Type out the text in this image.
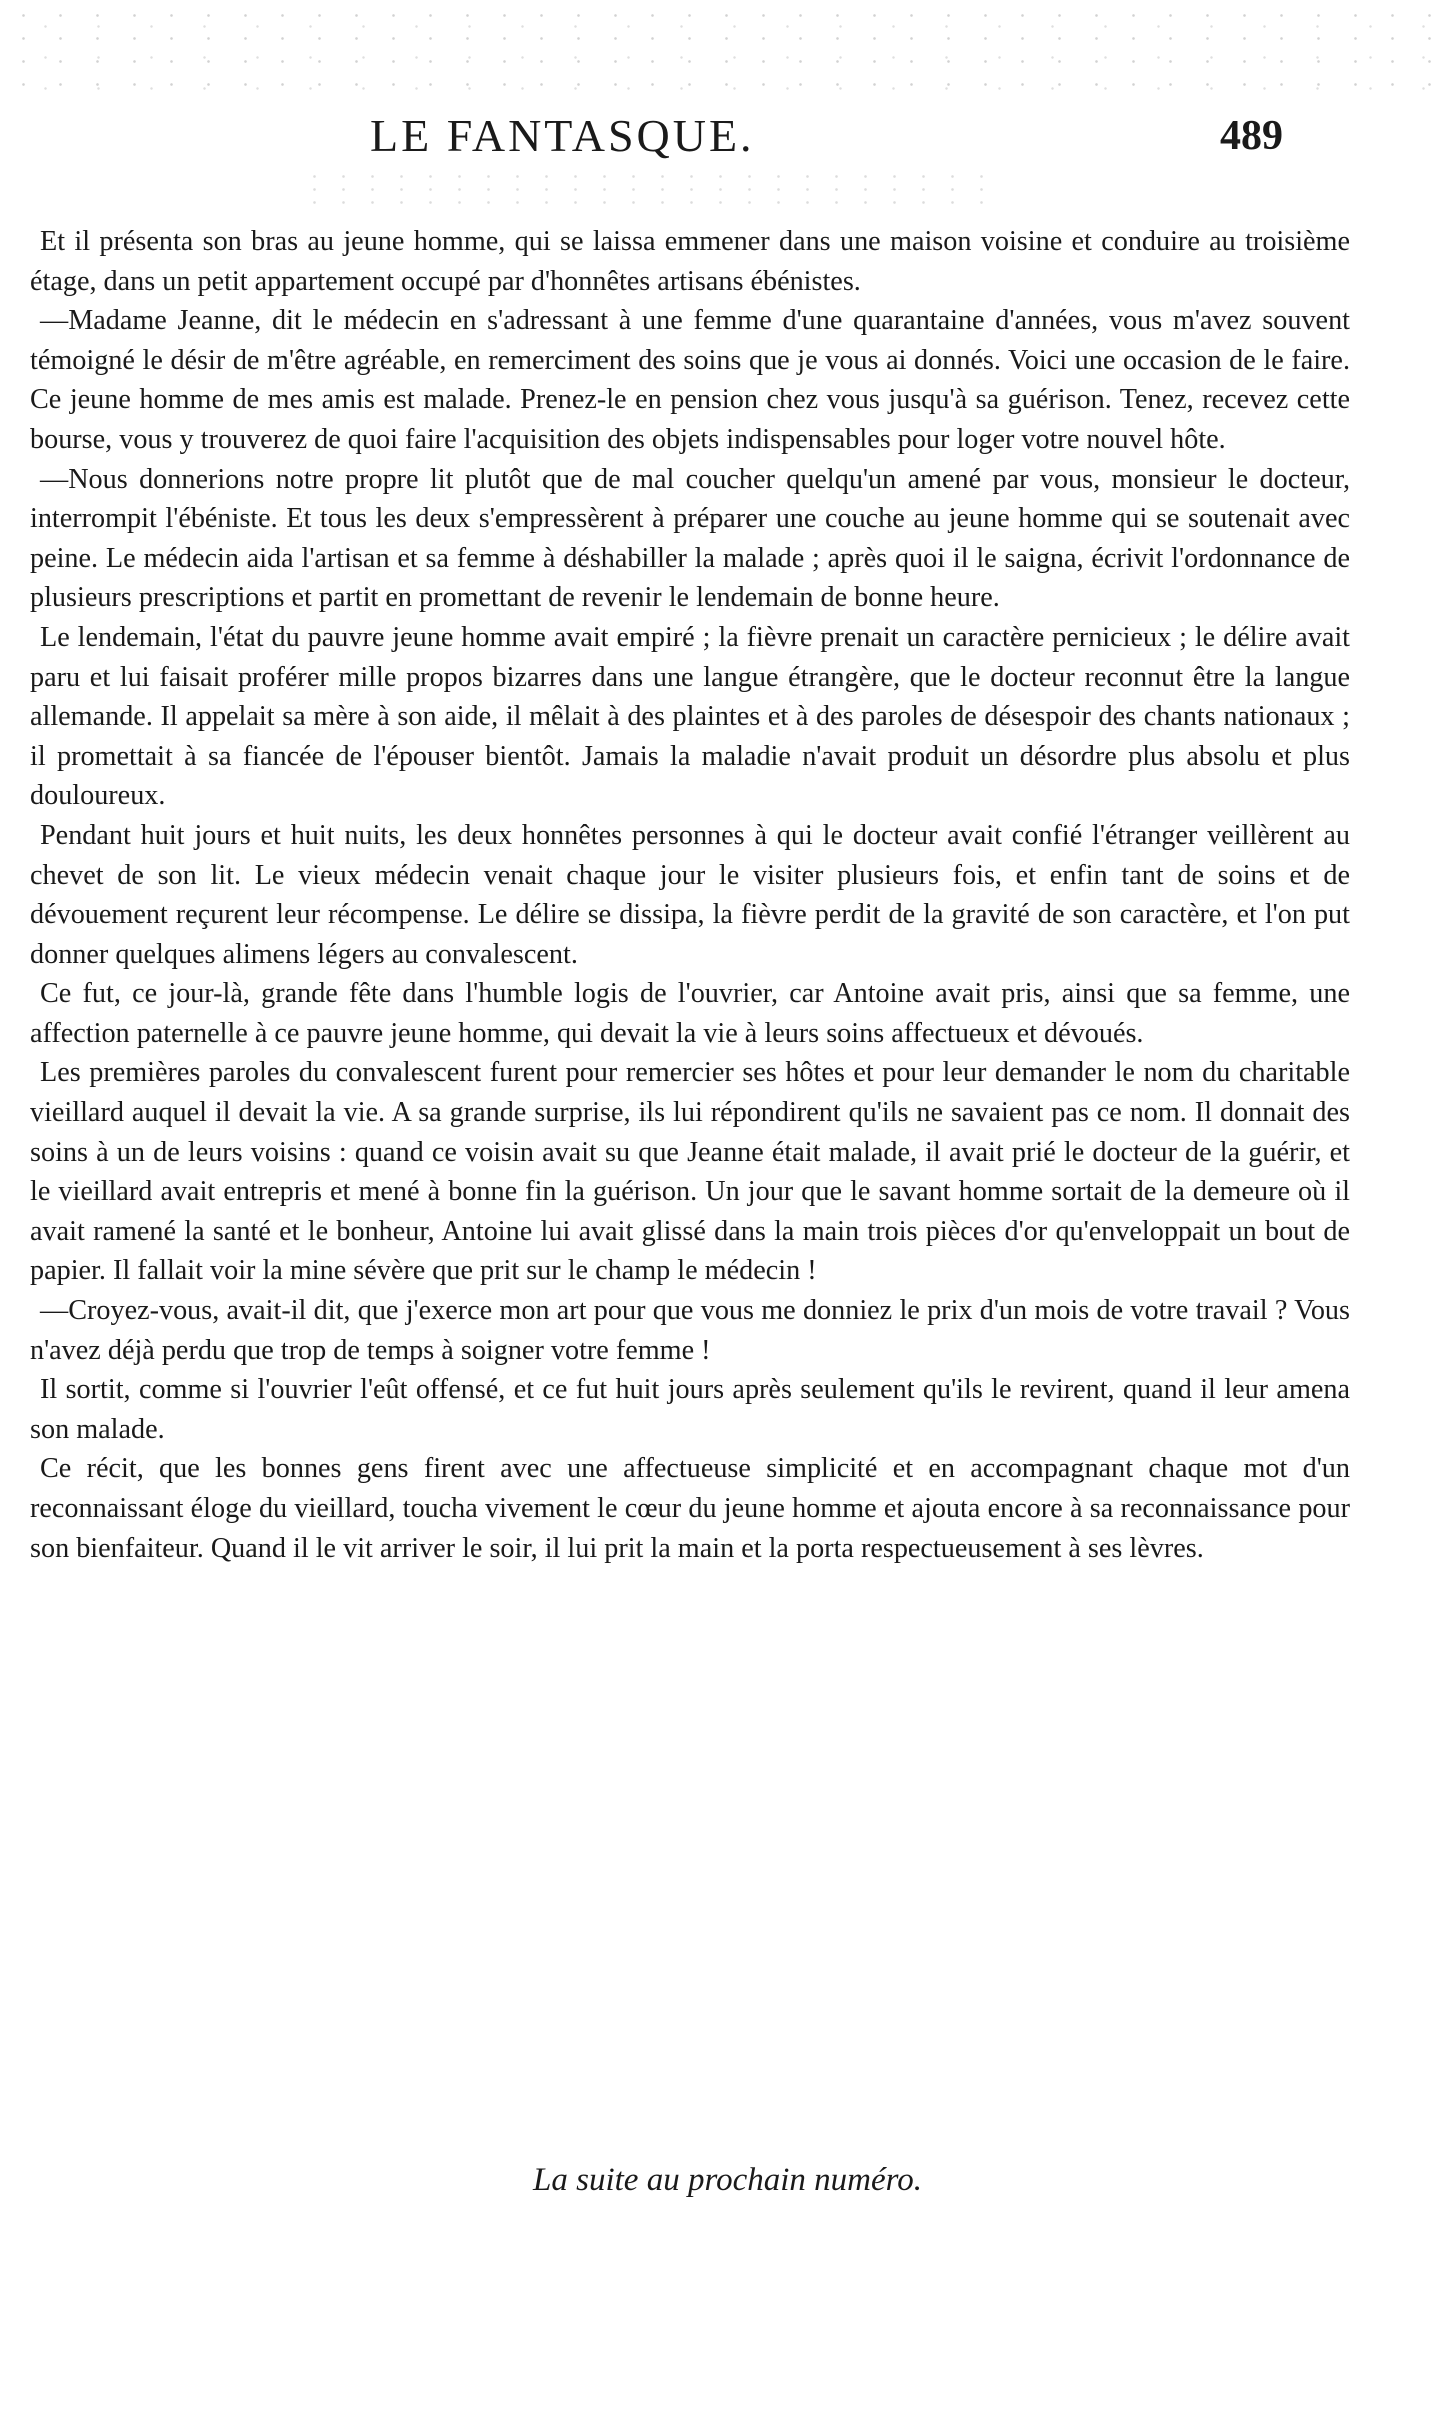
LE FANTASQUE.	489

Et il présenta son bras au jeune homme, qui se laissa emmener dans une maison voisine et conduire au troisième étage, dans un petit appartement occupé par d'honnêtes artisans ébénistes.

—Madame Jeanne, dit le médecin en s'adressant à une femme d'une quarantaine d'années, vous m'avez souvent témoigné le désir de m'être agréable, en remerciment des soins que je vous ai donnés. Voici une occasion de le faire. Ce jeune homme de mes amis est malade. Prenez-le en pension chez vous jusqu'à sa guérison. Tenez, recevez cette bourse, vous y trouverez de quoi faire l'acquisition des objets indispensables pour loger votre nouvel hôte.

—Nous donnerions notre propre lit plutôt que de mal coucher quelqu'un amené par vous, monsieur le docteur, interrompit l'ébéniste. Et tous les deux s'empressèrent à préparer une couche au jeune homme qui se soutenait avec peine. Le médecin aida l'artisan et sa femme à déshabiller la malade ; après quoi il le saigna, écrivit l'ordonnance de plusieurs prescriptions et partit en promettant de revenir le lendemain de bonne heure.

Le lendemain, l'état du pauvre jeune homme avait empiré ; la fièvre prenait un caractère pernicieux ; le délire avait paru et lui faisait proférer mille propos bizarres dans une langue étrangère, que le docteur reconnut être la langue allemande. Il appelait sa mère à son aide, il mêlait à des plaintes et à des paroles de désespoir des chants nationaux ; il promettait à sa fiancée de l'épouser bientôt. Jamais la maladie n'avait produit un désordre plus absolu et plus douloureux.

Pendant huit jours et huit nuits, les deux honnêtes personnes à qui le docteur avait confié l'étranger veillèrent au chevet de son lit. Le vieux médecin venait chaque jour le visiter plusieurs fois, et enfin tant de soins et de dévouement reçurent leur récompense. Le délire se dissipa, la fièvre perdit de la gravité de son caractère, et l'on put donner quelques alimens légers au convalescent.

Ce fut, ce jour-là, grande fête dans l'humble logis de l'ouvrier, car Antoine avait pris, ainsi que sa femme, une affection paternelle à ce pauvre jeune homme, qui devait la vie à leurs soins affectueux et dévoués.

Les premières paroles du convalescent furent pour remercier ses hôtes et pour leur demander le nom du charitable vieillard auquel il devait la vie. A sa grande surprise, ils lui répondirent qu'ils ne savaient pas ce nom. Il donnait des soins à un de leurs voisins : quand ce voisin avait su que Jeanne était malade, il avait prié le docteur de la guérir, et le vieillard avait entrepris et mené à bonne fin la guérison. Un jour que le savant homme sortait de la demeure où il avait ramené la santé et le bonheur, Antoine lui avait glissé dans la main trois pièces d'or qu'enveloppait un bout de papier. Il fallait voir la mine sévère que prit sur le champ le médecin !

—Croyez-vous, avait-il dit, que j'exerce mon art pour que vous me donniez le prix d'un mois de votre travail ? Vous n'avez déjà perdu que trop de temps à soigner votre femme !

Il sortit, comme si l'ouvrier l'eût offensé, et ce fut huit jours après seulement qu'ils le revirent, quand il leur amena son malade.

Ce récit, que les bonnes gens firent avec une affectueuse simplicité et en accompagnant chaque mot d'un reconnaissant éloge du vieillard, toucha vivement le cœur du jeune homme et ajouta encore à sa reconnaissance pour son bienfaiteur. Quand il le vit arriver le soir, il lui prit la main et la porta respectueusement à ses lèvres.

La suite au prochain numéro.
